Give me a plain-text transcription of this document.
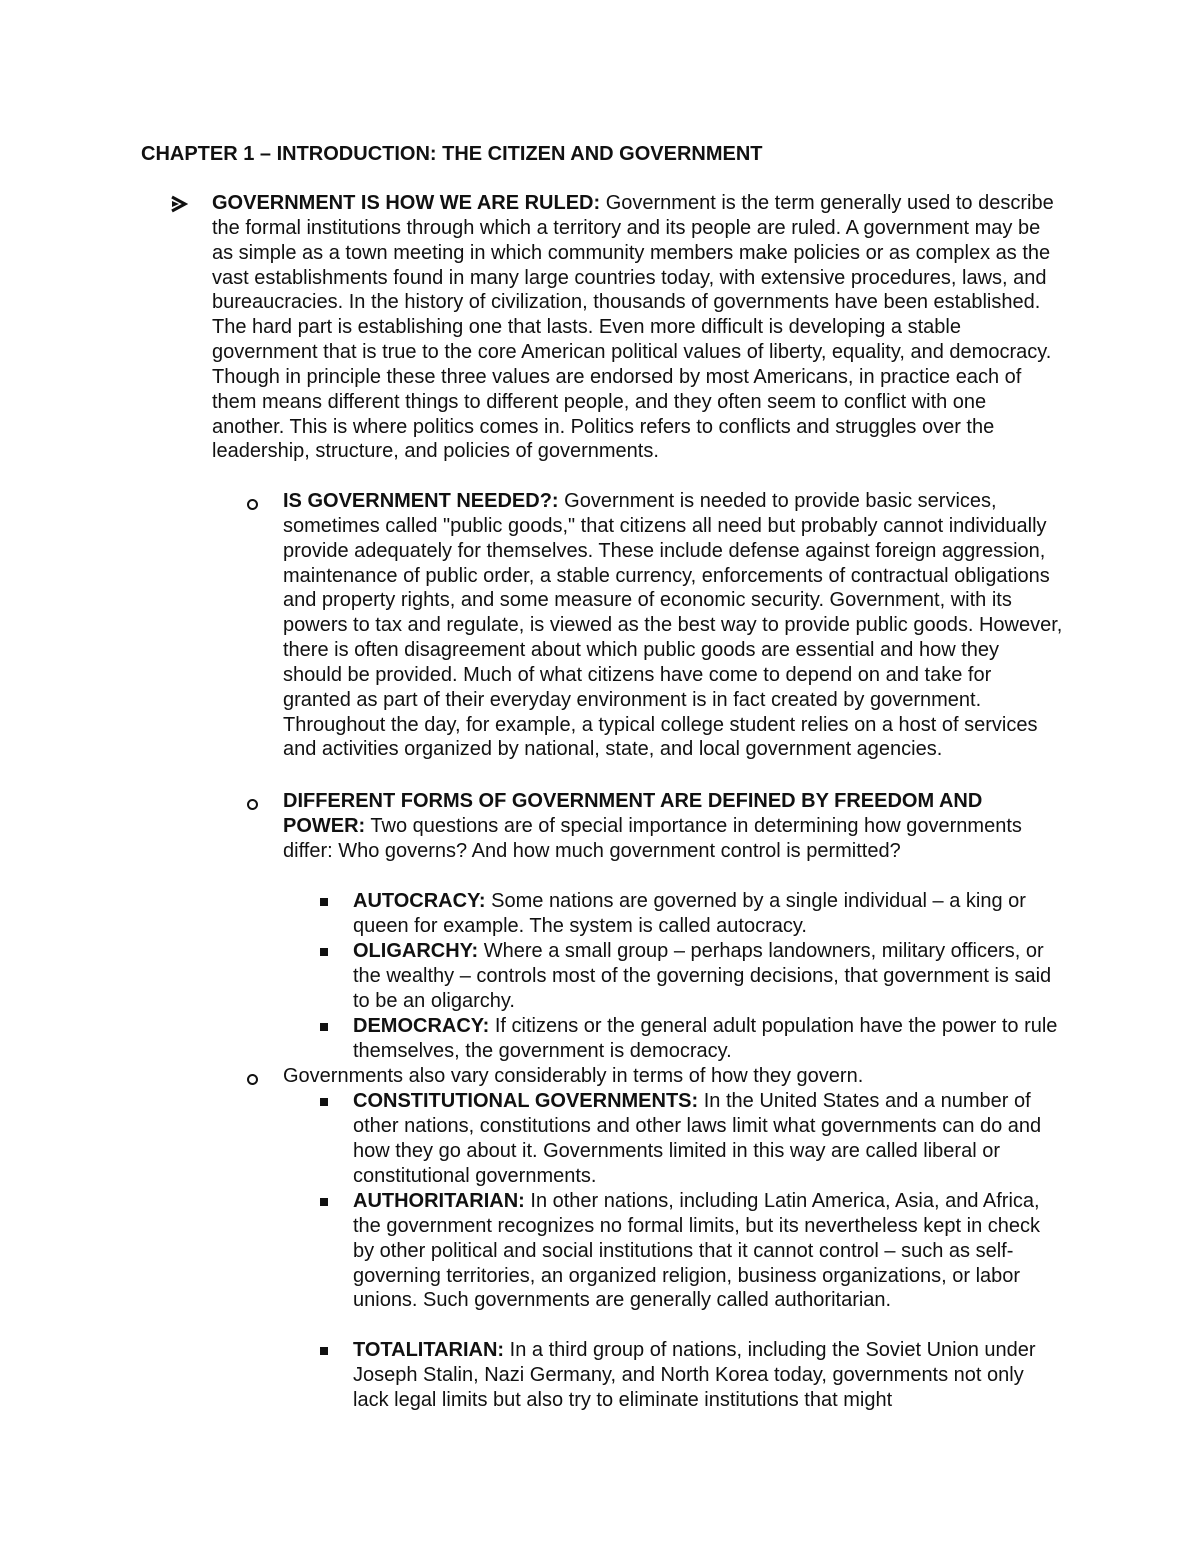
CHAPTER 1 – INTRODUCTION: THE CITIZEN AND GOVERNMENT
GOVERNMENT IS HOW WE ARE RULED: Government is the term generally used to describe the formal institutions through which a territory and its people are ruled. A government may be as simple as a town meeting in which community members make policies or as complex as the vast establishments found in many large countries today, with extensive procedures, laws, and bureaucracies. In the history of civilization, thousands of governments have been established. The hard part is establishing one that lasts. Even more difficult is developing a stable government that is true to the core American political values of liberty, equality, and democracy. Though in principle these three values are endorsed by most Americans, in practice each of them means different things to different people, and they often seem to conflict with one another. This is where politics comes in. Politics refers to conflicts and struggles over the leadership, structure, and policies of governments.
IS GOVERNMENT NEEDED?: Government is needed to provide basic services, sometimes called "public goods," that citizens all need but probably cannot individually provide adequately for themselves. These include defense against foreign aggression, maintenance of public order, a stable currency, enforcements of contractual obligations and property rights, and some measure of economic security. Government, with its powers to tax and regulate, is viewed as the best way to provide public goods. However, there is often disagreement about which public goods are essential and how they should be provided. Much of what citizens have come to depend on and take for granted as part of their everyday environment is in fact created by government. Throughout the day, for example, a typical college student relies on a host of services and activities organized by national, state, and local government agencies.
DIFFERENT FORMS OF GOVERNMENT ARE DEFINED BY FREEDOM AND POWER: Two questions are of special importance in determining how governments differ: Who governs? And how much government control is permitted?
AUTOCRACY: Some nations are governed by a single individual – a king or queen for example. The system is called autocracy.
OLIGARCHY: Where a small group – perhaps landowners, military officers, or the wealthy – controls most of the governing decisions, that government is said to be an oligarchy.
DEMOCRACY: If citizens or the general adult population have the power to rule themselves, the government is democracy.
Governments also vary considerably in terms of how they govern.
CONSTITUTIONAL GOVERNMENTS: In the United States and a number of other nations, constitutions and other laws limit what governments can do and how they go about it. Governments limited in this way are called liberal or constitutional governments.
AUTHORITARIAN: In other nations, including Latin America, Asia, and Africa, the government recognizes no formal limits, but its nevertheless kept in check by other political and social institutions that it cannot control – such as self-governing territories, an organized religion, business organizations, or labor unions. Such governments are generally called authoritarian.
TOTALITARIAN: In a third group of nations, including the Soviet Union under Joseph Stalin, Nazi Germany, and North Korea today, governments not only lack legal limits but also try to eliminate institutions that might
